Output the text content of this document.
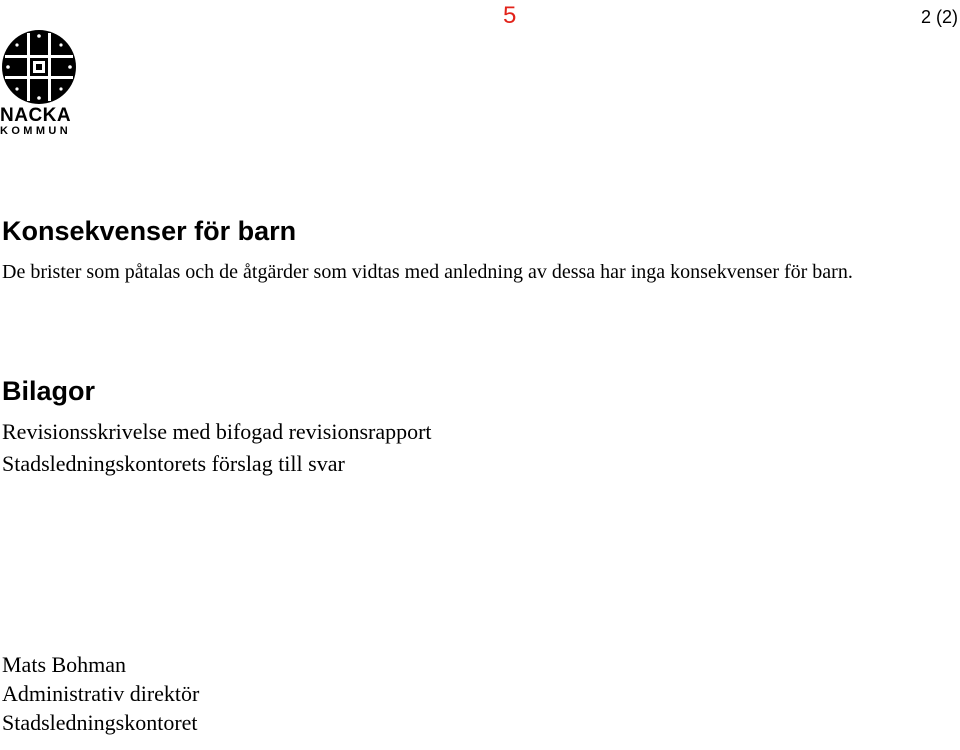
5	2 (2)
NACKA
KOMMUN
Konsekvenser för barn

De brister som påtalas och de åtgärder som vidtas med anledning av dessa har inga konsekvenser för barn.

Bilagor
Revisionsskrivelse med bifogad revisionsrapport
Stadsledningskontorets förslag till svar
Mats Bohman
Administrativ direktör
Stadsledningskontoret
